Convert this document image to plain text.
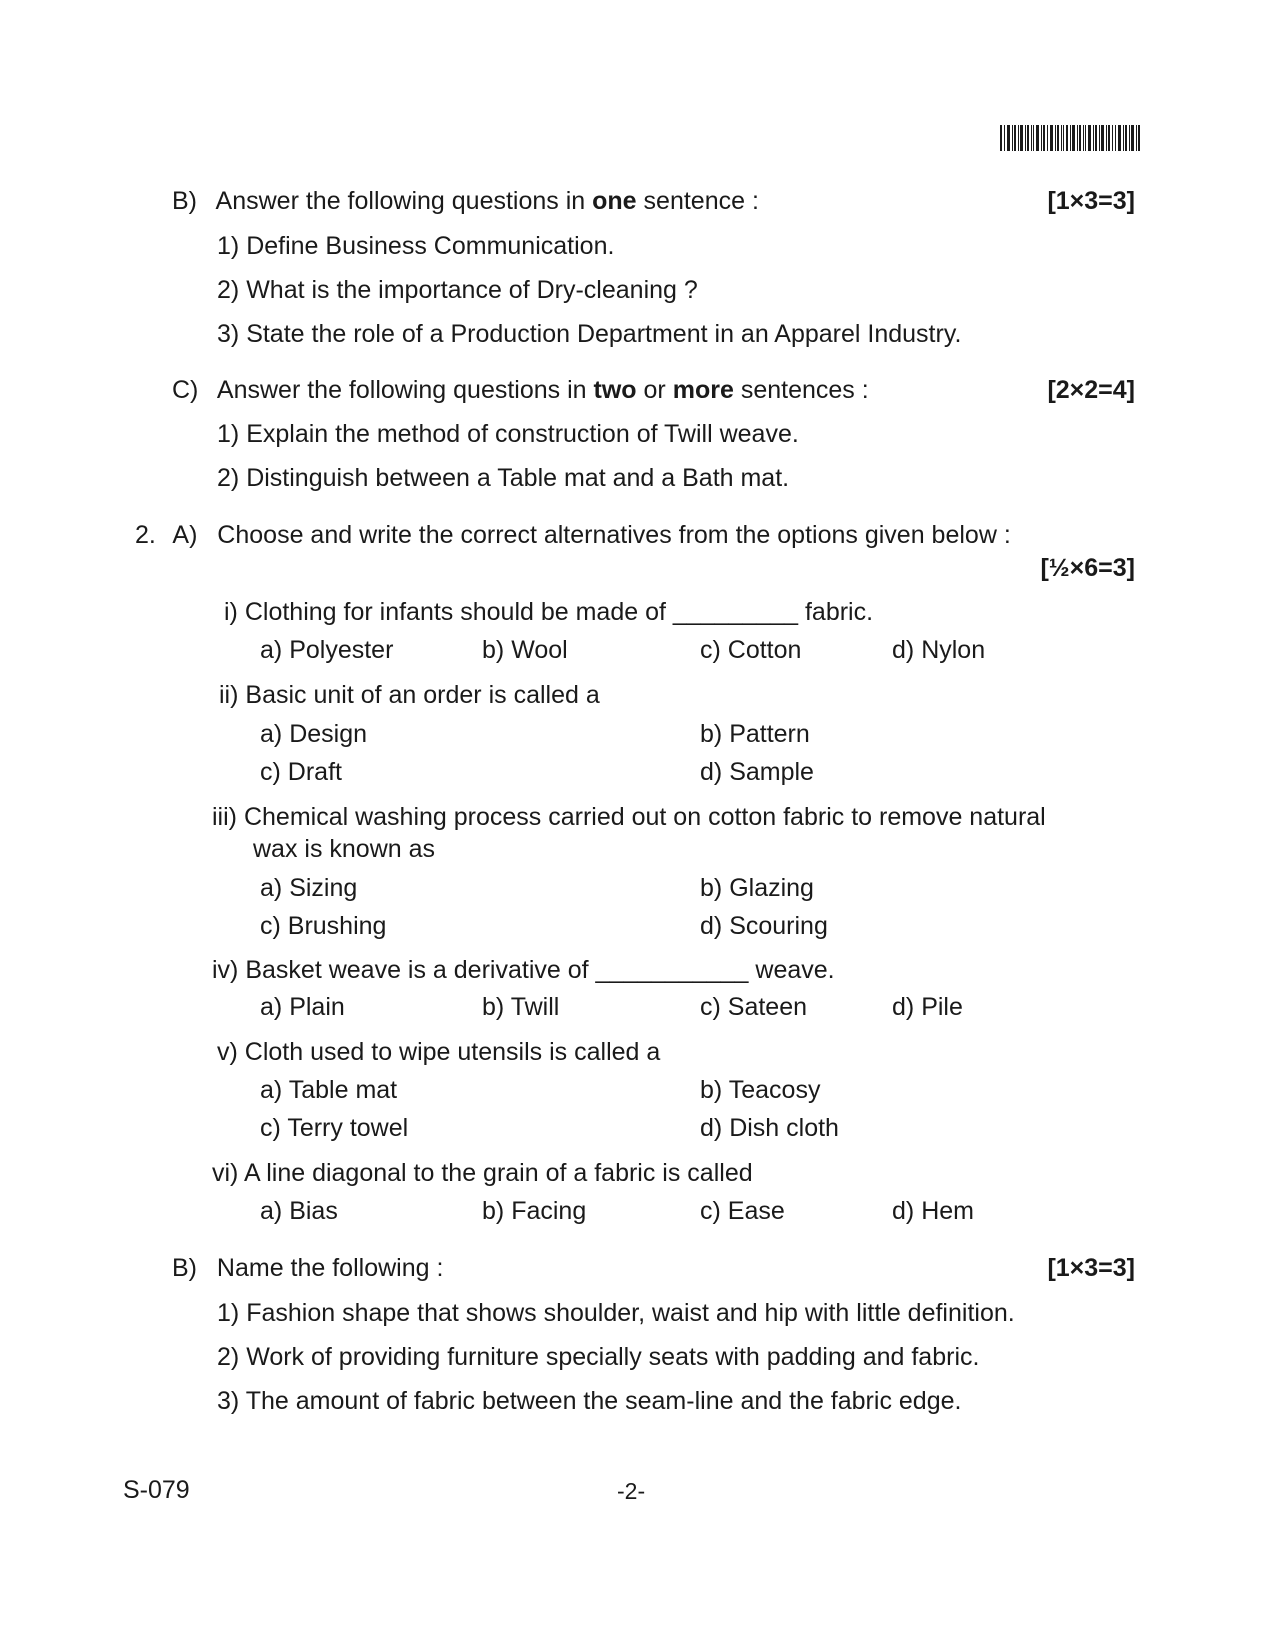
B) Answer the following questions in one sentence :	[1×3=3]
1) Define Business Communication.
2) What is the importance of Dry-cleaning ?
3) State the role of a Production Department in an Apparel Industry.
C) Answer the following questions in two or more sentences :	[2×2=4]
1) Explain the method of construction of Twill weave.
2) Distinguish between a Table mat and a Bath mat.
2. A) Choose and write the correct alternatives from the options given below :
[½×6=3]
i) Clothing for infants should be made of _________ fabric.
a) Polyester	b) Wool	c) Cotton	d) Nylon
ii) Basic unit of an order is called a
a) Design	b) Pattern
c) Draft	d) Sample
iii) Chemical washing process carried out on cotton fabric to remove natural
wax is known as
a) Sizing	b) Glazing
c) Brushing	d) Scouring
iv) Basket weave is a derivative of ___________ weave.
a) Plain	b) Twill	c) Sateen	d) Pile
v) Cloth used to wipe utensils is called a
a) Table mat	b) Teacosy
c) Terry towel	d) Dish cloth
vi) A line diagonal to the grain of a fabric is called
a) Bias	b) Facing	c) Ease	d) Hem
B) Name the following :	[1×3=3]
1) Fashion shape that shows shoulder, waist and hip with little definition.
2) Work of providing furniture specially seats with padding and fabric.
3) The amount of fabric between the seam-line and the fabric edge.
S-079	-2-
